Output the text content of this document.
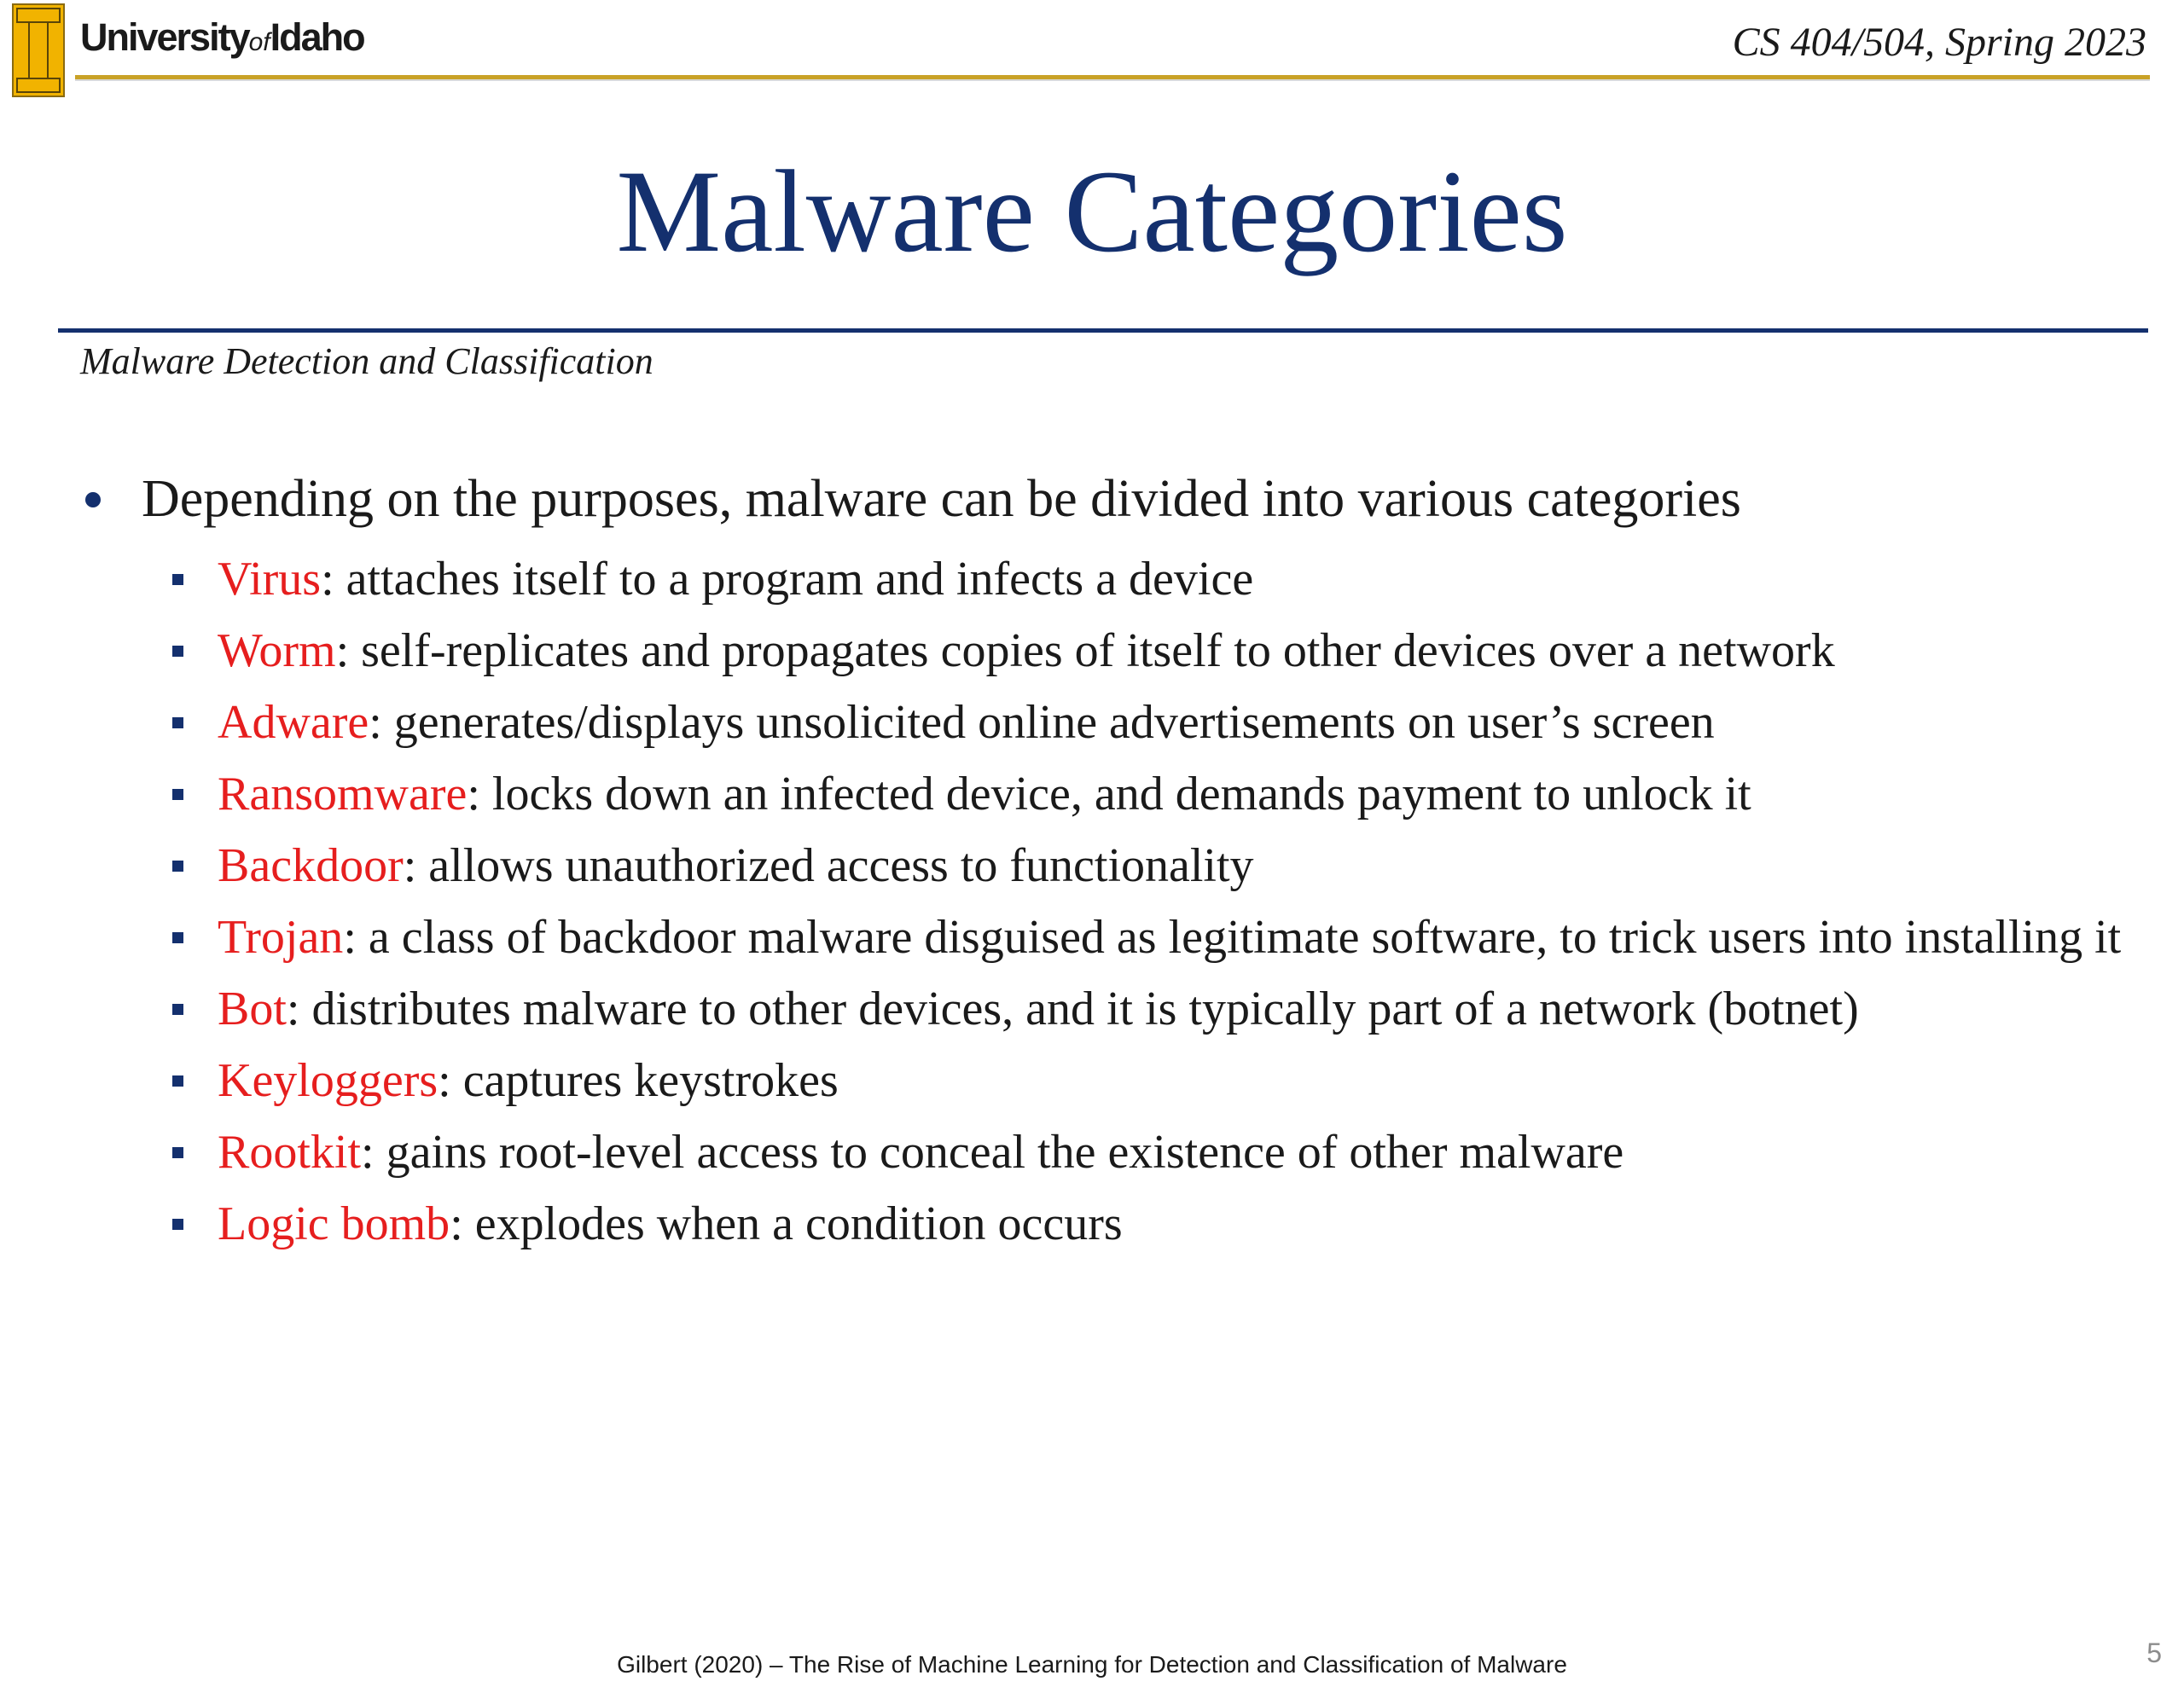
UniversityofIdaho	CS 404/504, Spring 2023
Malware Categories
Malware Detection and Classification
Depending on the purposes, malware can be divided into various categories
Virus: attaches itself to a program and infects a device
Worm: self-replicates and propagates copies of itself to other devices over a network
Adware: generates/displays unsolicited online advertisements on user’s screen
Ransomware: locks down an infected device, and demands payment to unlock it
Backdoor: allows unauthorized access to functionality
Trojan: a class of backdoor malware disguised as legitimate software, to trick users into installing it
Bot: distributes malware to other devices, and it is typically part of a network (botnet)
Keyloggers: captures keystrokes
Rootkit: gains root-level access to conceal the existence of other malware
Logic bomb: explodes when a condition occurs
Gilbert (2020) – The Rise of Machine Learning for Detection and Classification of Malware	5
